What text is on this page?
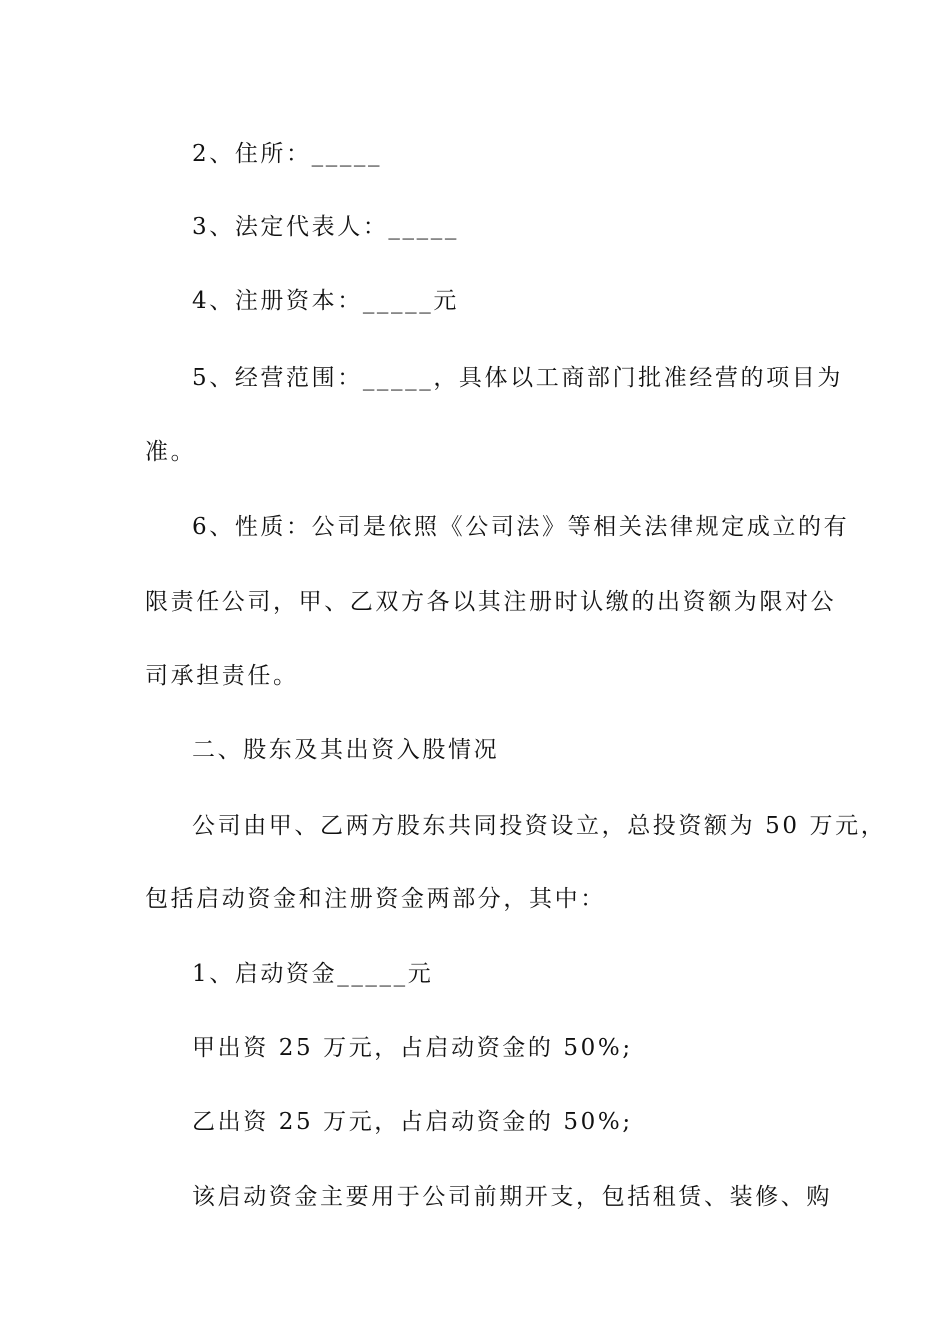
2、住所：_____
3、法定代表人：_____
4、注册资本：_____元
5、经营范围：_____，具体以工商部门批准经营的项目为
准。
6、性质：公司是依照《公司法》等相关法律规定成立的有
限责任公司，甲、乙双方各以其注册时认缴的出资额为限对公
司承担责任。
二、股东及其出资入股情况
公司由甲、乙两方股东共同投资设立，总投资额为 50 万元，
包括启动资金和注册资金两部分，其中：
1、启动资金_____元
甲出资 25 万元，占启动资金的 50%;
乙出资 25 万元，占启动资金的 50%;
该启动资金主要用于公司前期开支，包括租赁、装修、购
